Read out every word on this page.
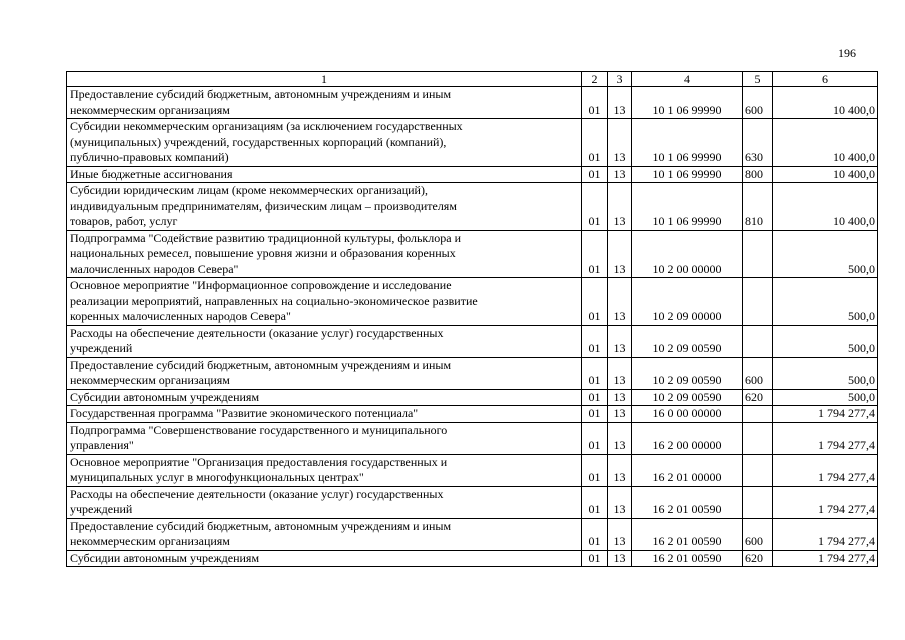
196
1	2	3	4	5	6
Предоставление субсидий бюджетным, автономным учреждениям и иным
некоммерческим организациям	01	13	10 1 06 99990	600	10 400,0
Субсидии некоммерческим организациям (за исключением государственных
(муниципальных) учреждений, государственных корпораций (компаний),
публично-правовых компаний)	01	13	10 1 06 99990	630	10 400,0
Иные бюджетные ассигнования	01	13	10 1 06 99990	800	10 400,0
Субсидии юридическим лицам (кроме некоммерческих организаций),
индивидуальным предпринимателям, физическим лицам – производителям
товаров, работ, услуг	01	13	10 1 06 99990	810	10 400,0
Подпрограмма "Содействие развитию традиционной культуры, фольклора и
национальных ремесел, повышение уровня жизни и образования коренных
малочисленных народов Севера"	01	13	10 2 00 00000		500,0
Основное мероприятие "Информационное сопровождение и исследование
реализации мероприятий, направленных на социально-экономическое развитие
коренных малочисленных народов Севера"	01	13	10 2 09 00000		500,0
Расходы на обеспечение деятельности (оказание услуг) государственных
учреждений	01	13	10 2 09 00590		500,0
Предоставление субсидий бюджетным, автономным учреждениям и иным
некоммерческим организациям	01	13	10 2 09 00590	600	500,0
Субсидии автономным учреждениям	01	13	10 2 09 00590	620	500,0
Государственная программа "Развитие экономического потенциала"	01	13	16 0 00 00000		1 794 277,4
Подпрограмма "Совершенствование государственного и муниципального
управления"	01	13	16 2 00 00000		1 794 277,4
Основное мероприятие "Организация предоставления государственных и
муниципальных услуг в многофункциональных центрах"	01	13	16 2 01 00000		1 794 277,4
Расходы на обеспечение деятельности (оказание услуг) государственных
учреждений	01	13	16 2 01 00590		1 794 277,4
Предоставление субсидий бюджетным, автономным учреждениям и иным
некоммерческим организациям	01	13	16 2 01 00590	600	1 794 277,4
Субсидии автономным учреждениям	01	13	16 2 01 00590	620	1 794 277,4
